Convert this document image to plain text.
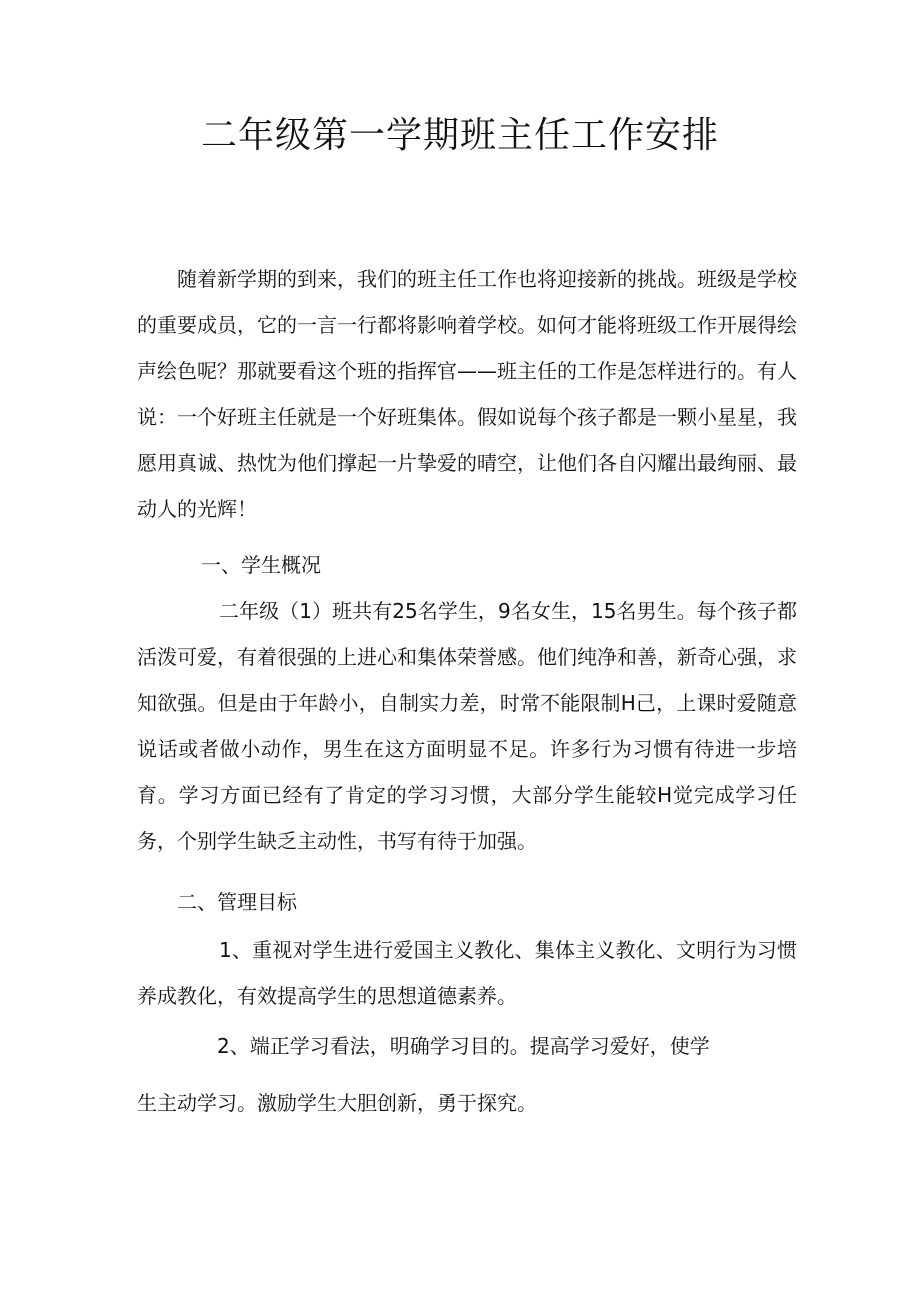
二年级第一学期班主任工作安排

随着新学期的到来，我们的班主任工作也将迎接新的挑战。班级是学校的重要成员，它的一言一行都将影响着学校。如何才能将班级工作开展得绘声绘色呢？那就要看这个班的指挥官——班主任的工作是怎样进行的。有人说：一个好班主任就是一个好班集体。假如说每个孩子都是一颗小星星，我愿用真诚、热忱为他们撑起一片挚爱的晴空，让他们各自闪耀出最绚丽、最动人的光辉！

一、学生概况

二年级（1）班共有25名学生，9名女生，15名男生。每个孩子都活泼可爱，有着很强的上进心和集体荣誉感。他们纯净和善，新奇心强，求知欲强。但是由于年龄小，自制实力差，时常不能限制H己，上课时爱随意说话或者做小动作，男生在这方面明显不足。许多行为习惯有待进一步培育。学习方面已经有了肯定的学习习惯，大部分学生能较H觉完成学习任务，个别学生缺乏主动性，书写有待于加强。

二、管理目标

1、重视对学生进行爱国主义教化、集体主义教化、文明行为习惯养成教化，有效提高学生的思想道德素养。

2、端正学习看法，明确学习目的。提高学习爱好，使学

生主动学习。激励学生大胆创新，勇于探究。
